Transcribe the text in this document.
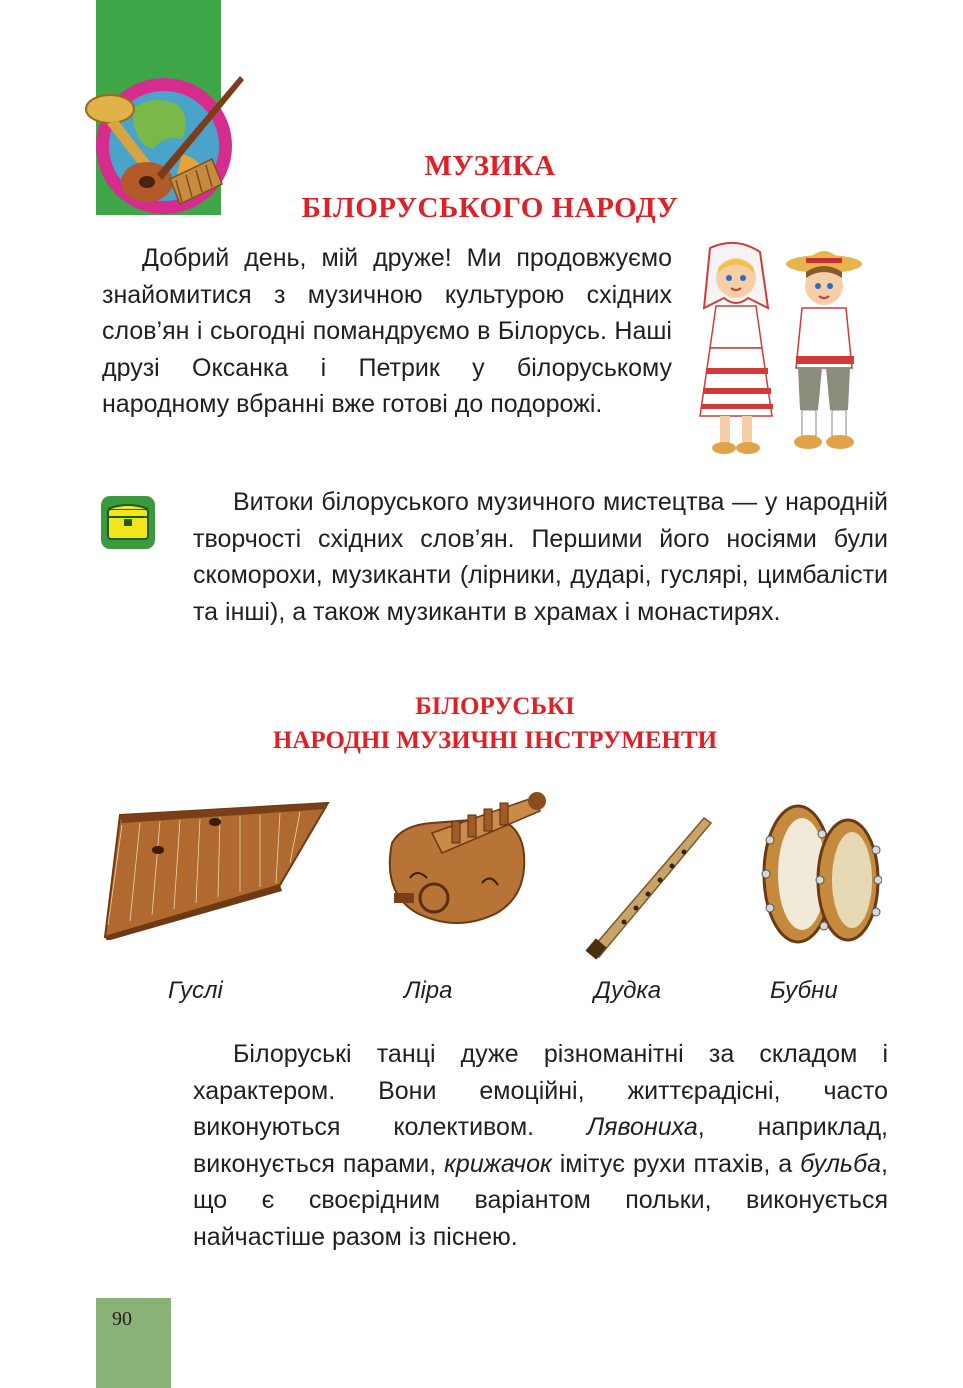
МУЗИКА
БІЛОРУСЬКОГО НАРОДУ

Добрий день, мій друже! Ми продовжуємо знайомитися з музичною культурою східних слов’ян і сьогодні помандруємо в Білорусь. Наші друзі Оксанка і Петрик у білоруському народному вбранні вже готові до подорожі.

Витоки білоруського музичного мистецтва — у народній творчості східних слов’ян. Першими його носіями були скоморохи, музиканти (лірники, дударі, гуслярі, цимбалісти та інші), а також музиканти в храмах і монастирях.

БІЛОРУСЬКІ
НАРОДНІ МУЗИЧНІ ІНСТРУМЕНТИ
Гуслі	Ліра	Дудка	Бубни

Білоруські танці дуже різноманітні за складом і характером. Вони емоційні, життєрадісні, часто виконуються колективом. Лявониха, наприклад, виконується парами, крижачок імітує рухи птахів, а бульба, що є своєрідним варіантом польки, виконується найчастіше разом із піснею.

90
